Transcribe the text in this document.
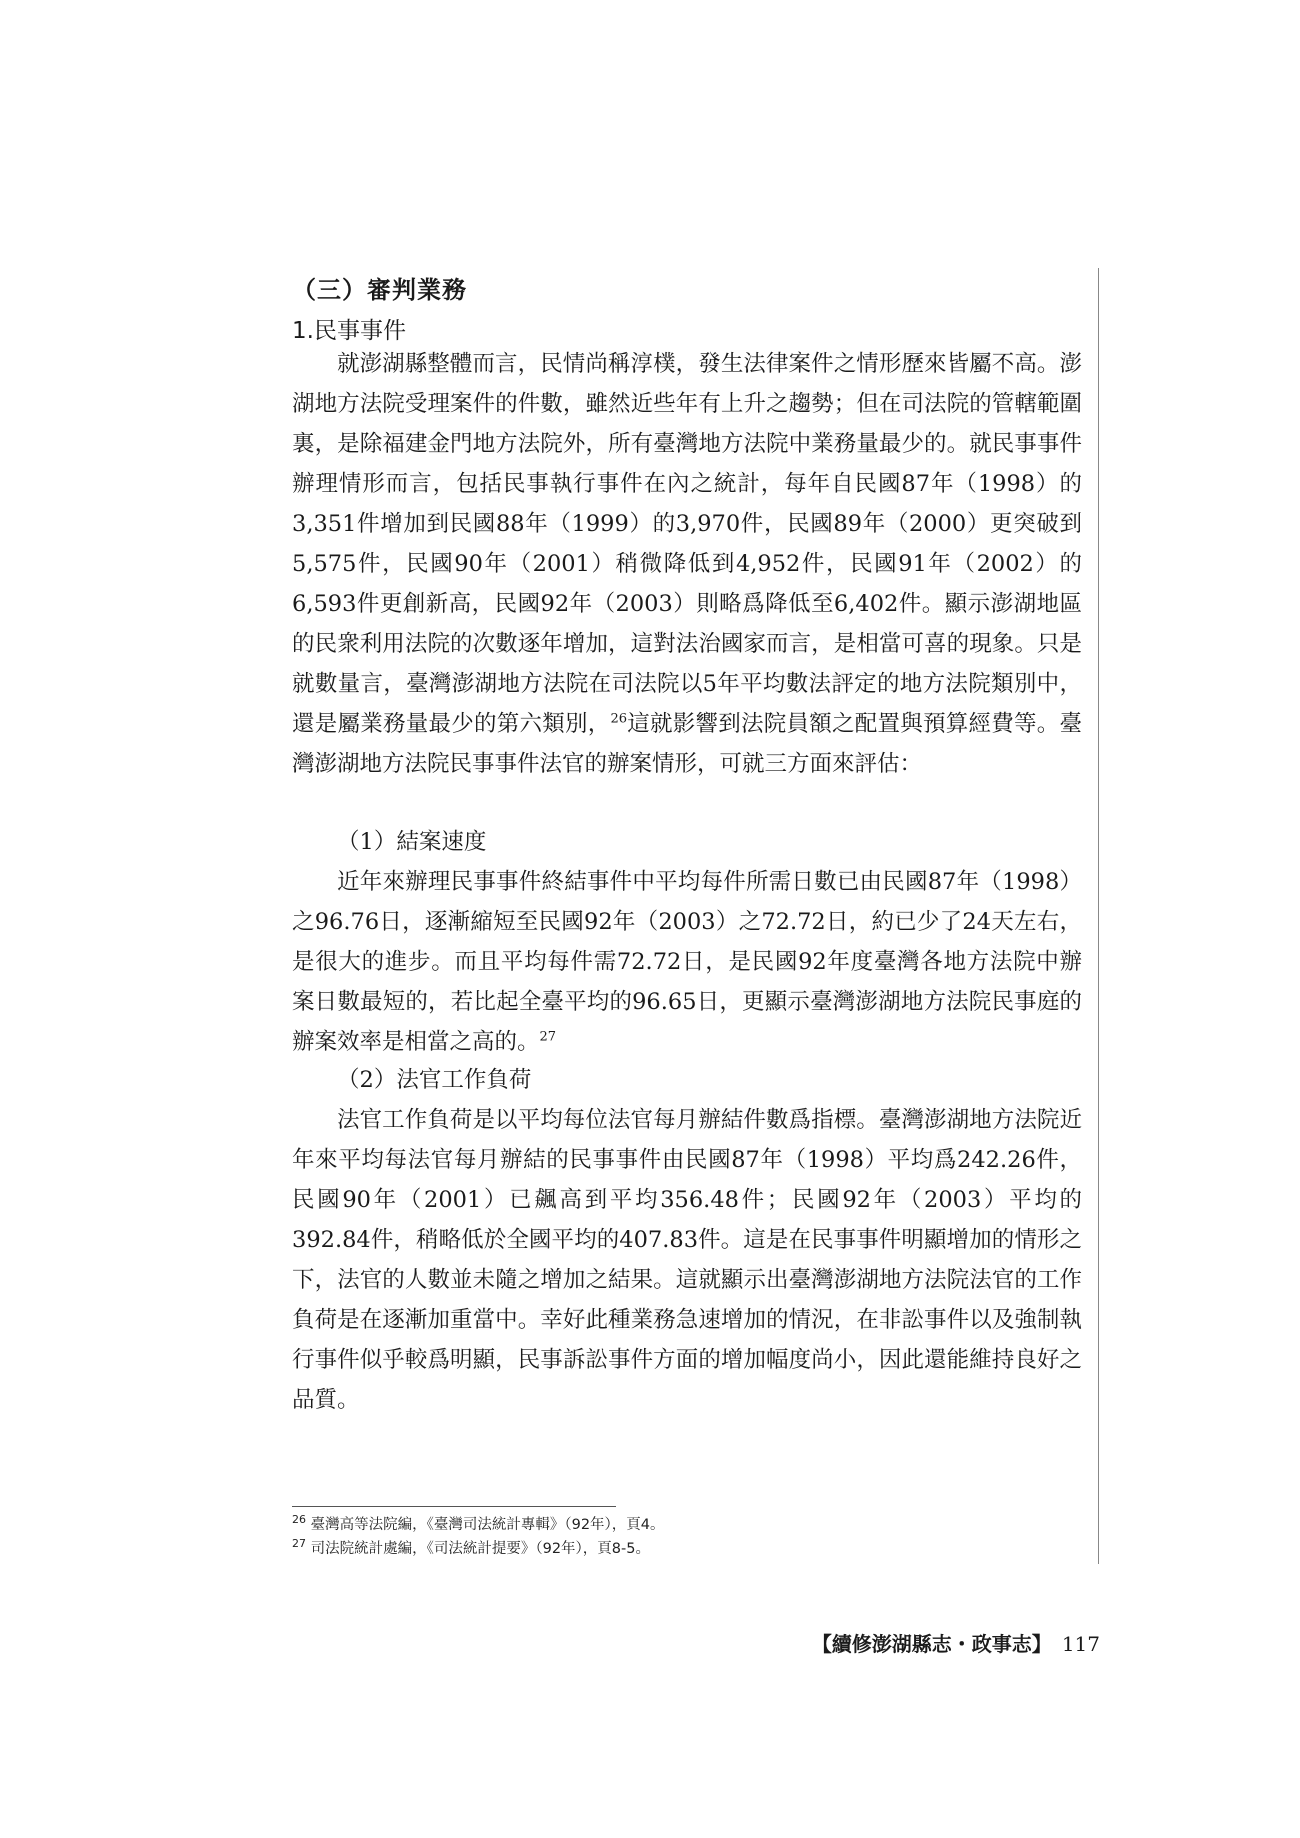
（三）審判業務
1.民事事件

就澎湖縣整體而言，民情尚稱淳樸，發生法律案件之情形歷來皆屬不高。澎湖地方法院受理案件的件數，雖然近些年有上升之趨勢；但在司法院的管轄範圍裏，是除福建金門地方法院外，所有臺灣地方法院中業務量最少的。就民事事件辦理情形而言，包括民事執行事件在內之統計，每年自民國87年（1998）的3,351件增加到民國88年（1999）的3,970件，民國89年（2000）更突破到5,575件，民國90年（2001）稍微降低到4,952件，民國91年（2002）的6,593件更創新高，民國92年（2003）則略爲降低至6,402件。顯示澎湖地區的民衆利用法院的次數逐年增加，這對法治國家而言，是相當可喜的現象。只是就數量言，臺灣澎湖地方法院在司法院以5年平均數法評定的地方法院類別中，還是屬業務量最少的第六類別，$^{26}$這就影響到法院員額之配置與預算經費等。臺灣澎湖地方法院民事事件法官的辦案情形，可就三方面來評估：

（1）結案速度

近年來辦理民事事件終結事件中平均每件所需日數已由民國87年（1998）之96.76日，逐漸縮短至民國92年（2003）之72.72日，約已少了24天左右，是很大的進步。而且平均每件需72.72日，是民國92年度臺灣各地方法院中辦案日數最短的，若比起全臺平均的96.65日，更顯示臺灣澎湖地方法院民事庭的辦案效率是相當之高的。$^{27}$

（2）法官工作負荷

法官工作負荷是以平均每位法官每月辦結件數爲指標。臺灣澎湖地方法院近年來平均每法官每月辦結的民事事件由民國87年（1998）平均爲242.26件，民國90年（2001）已飆高到平均356.48件；民國92年（2003）平均的392.84件，稍略低於全國平均的407.83件。這是在民事事件明顯增加的情形之下，法官的人數並未隨之增加之結果。這就顯示出臺灣澎湖地方法院法官的工作負荷是在逐漸加重當中。幸好此種業務急速增加的情況，在非訟事件以及強制執行事件似乎較爲明顯，民事訴訟事件方面的增加幅度尚小，因此還能維持良好之品質。

$^{26}$ 臺灣高等法院編，《臺灣司法統計專輯》（92年），頁4。
$^{27}$ 司法院統計處編，《司法統計提要》（92年），頁8-5。
【續修澎湖縣志・政事志】 117
